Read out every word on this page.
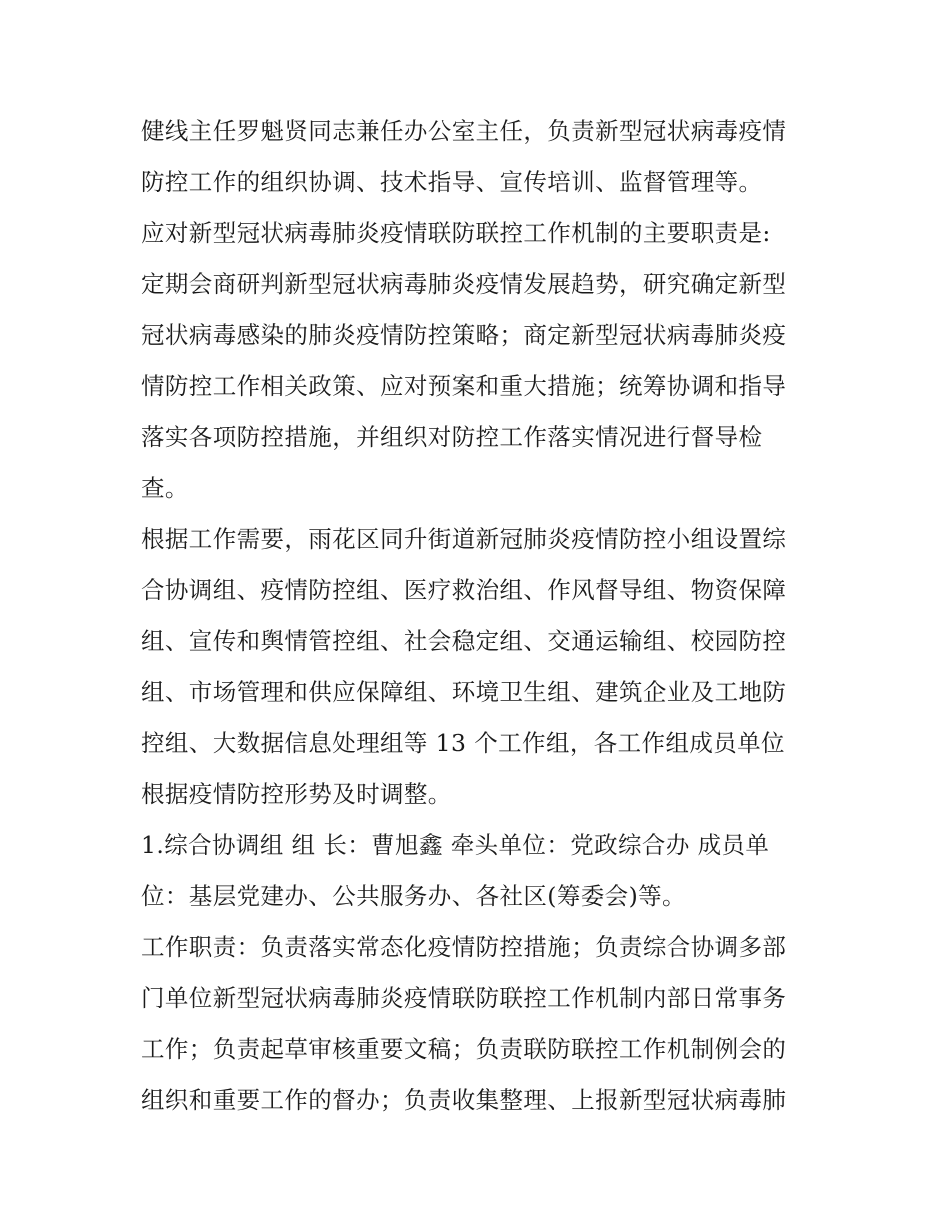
健线主任罗魁贤同志兼任办公室主任，负责新型冠状病毒疫情
防控工作的组织协调、技术指导、宣传培训、监督管理等。
应对新型冠状病毒肺炎疫情联防联控工作机制的主要职责是:
定期会商研判新型冠状病毒肺炎疫情发展趋势，研究确定新型
冠状病毒感染的肺炎疫情防控策略；商定新型冠状病毒肺炎疫
情防控工作相关政策、应对预案和重大措施；统筹协调和指导
落实各项防控措施，并组织对防控工作落实情况进行督导检
查。
根据工作需要，雨花区同升街道新冠肺炎疫情防控小组设置综
合协调组、疫情防控组、医疗救治组、作风督导组、物资保障
组、宣传和舆情管控组、社会稳定组、交通运输组、校园防控
组、市场管理和供应保障组、环境卫生组、建筑企业及工地防
控组、大数据信息处理组等 13 个工作组，各工作组成员单位
根据疫情防控形势及时调整。
1.综合协调组 组 长：曹旭鑫 牵头单位：党政综合办 成员单
位：基层党建办、公共服务办、各社区(筹委会)等。
工作职责：负责落实常态化疫情防控措施；负责综合协调多部
门单位新型冠状病毒肺炎疫情联防联控工作机制内部日常事务
工作；负责起草审核重要文稿；负责联防联控工作机制例会的
组织和重要工作的督办；负责收集整理、上报新型冠状病毒肺
